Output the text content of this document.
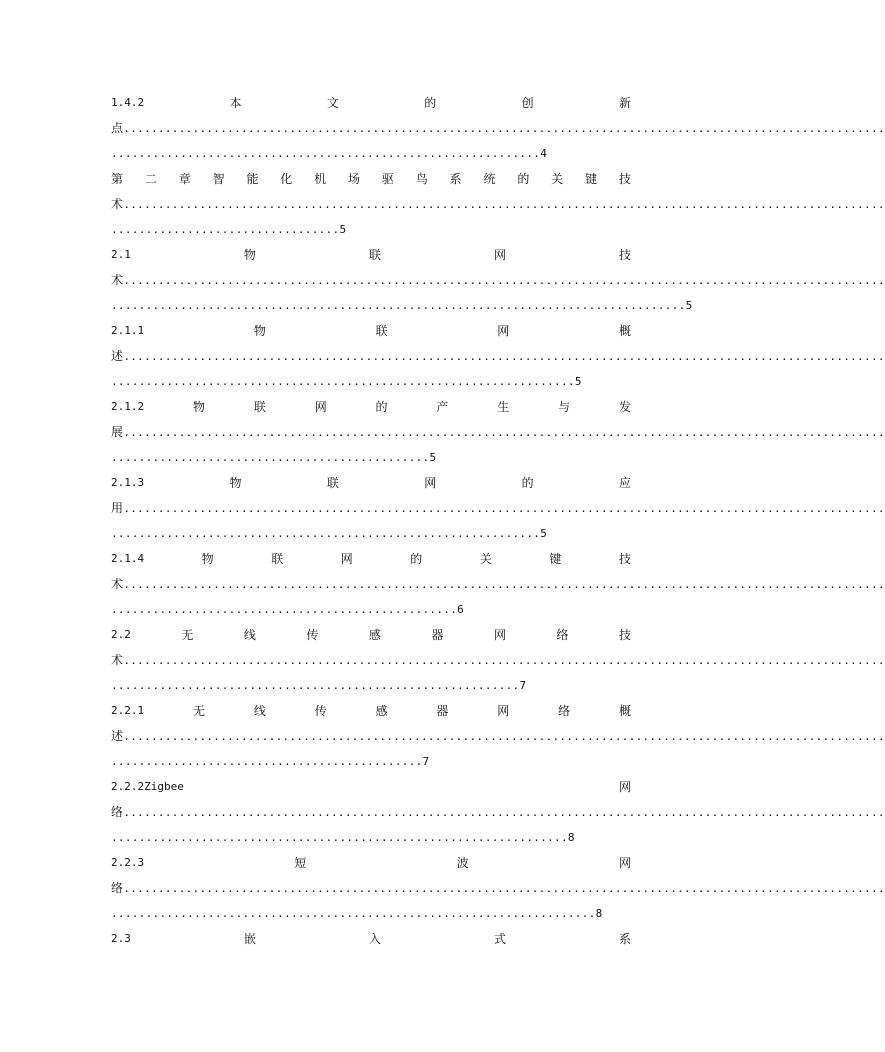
1.4.2	本	文	的	创	新
点..............................................................................................................
..............................................................4
第 二 章 智 能 化 机 场 驱 鸟 系 统 的 关 键 技
术..............................................................................................................
.................................5
2.1	物	联	网	技
术..............................................................................................................
...................................................................................5
2.1.1	物	联	网	概
述..............................................................................................................
...................................................................5
2.1.2	物	联	网	的	产	生	与	发
展..............................................................................................................
..............................................5
2.1.3	物	联	网	的	应
用..............................................................................................................
..............................................................5
2.1.4	物	联	网	的	关	键	技
术..............................................................................................................
..................................................6
2.2	无	线	传	感	器	网	络	技
术..............................................................................................................
...........................................................7
2.2.1	无	线	传	感	器	网	络	概
述..............................................................................................................
.............................................7
2.2.2Zigbee	网
络..............................................................................................................
..................................................................8
2.2.3	短	波	网
络..............................................................................................................
......................................................................8
2.3	嵌	入	式	系
